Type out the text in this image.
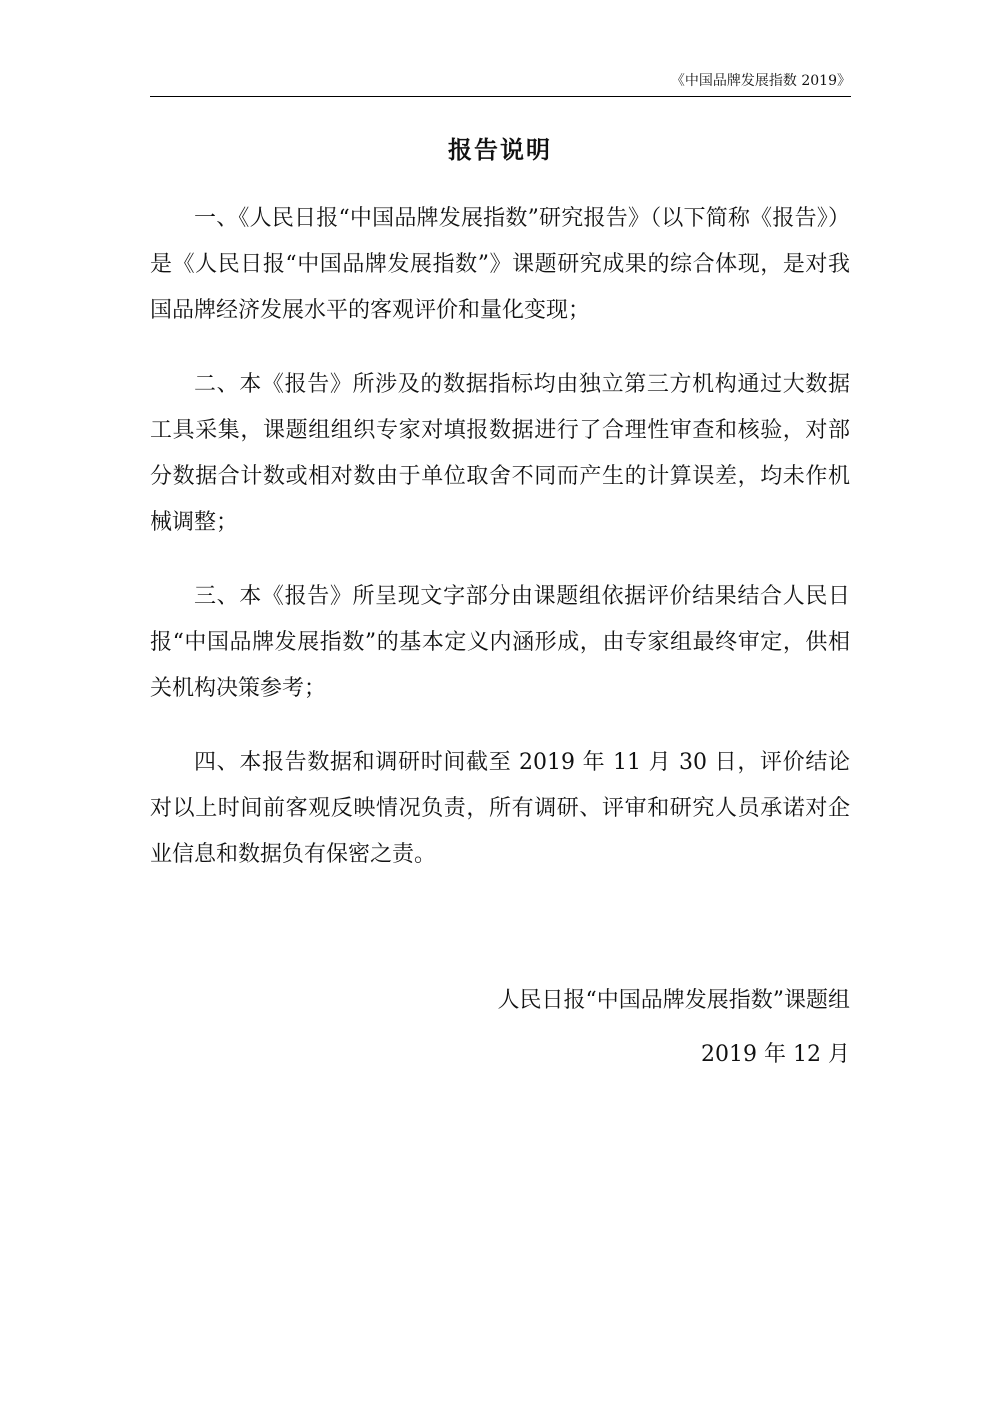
《中国品牌发展指数 2019》
报告说明

一、《人民日报“中国品牌发展指数”研究报告》（以下简称《报告》）是《人民日报“中国品牌发展指数”》课题研究成果的综合体现，是对我国品牌经济发展水平的客观评价和量化变现；

二、本《报告》所涉及的数据指标均由独立第三方机构通过大数据工具采集，课题组组织专家对填报数据进行了合理性审查和核验，对部分数据合计数或相对数由于单位取舍不同而产生的计算误差，均未作机械调整；

三、本《报告》所呈现文字部分由课题组依据评价结果结合人民日报“中国品牌发展指数”的基本定义内涵形成，由专家组最终审定，供相关机构决策参考；

四、本报告数据和调研时间截至 2019 年 11 月 30 日，评价结论对以上时间前客观反映情况负责，所有调研、评审和研究人员承诺对企业信息和数据负有保密之责。

人民日报“中国品牌发展指数”课题组
2019 年 12 月
